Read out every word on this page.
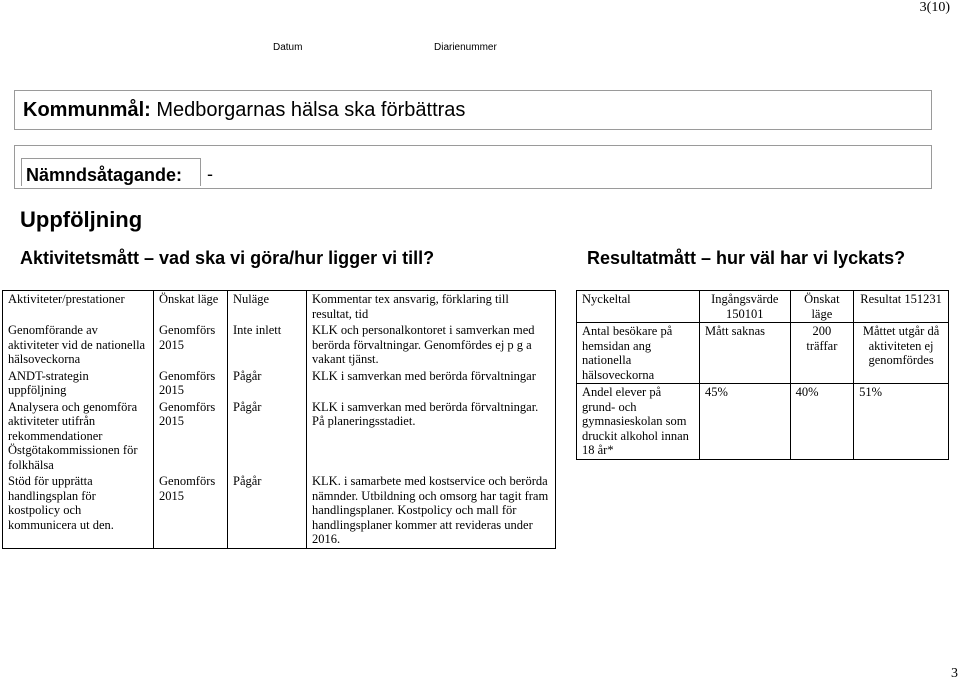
3(10)
Datum	Diarienummer
Kommunmål: Medborgarnas hälsa ska förbättras
Nämndsåtagande:	-
Uppföljning
Aktivitetsmått – vad ska vi göra/hur ligger vi till?	Resultatmått – hur väl har vi lyckats?
Aktiviteter/prestationer	Önskat läge	Nuläge	Kommentar tex ansvarig, förklaring till resultat, tid
Genomförande av aktiviteter vid de nationella hälsoveckorna	Genomförs 2015	Inte inlett	KLK och personalkontoret i samverkan med berörda förvaltningar. Genomfördes ej p g a vakant tjänst.
ANDT-strategin uppföljning	Genomförs 2015	Pågår	KLK i samverkan med berörda förvaltningar
Analysera och genomföra aktiviteter utifrån rekommendationer Östgötakommissionen för folkhälsa	Genomförs 2015	Pågår	KLK i samverkan med berörda förvaltningar. På planeringsstadiet.
Stöd för upprätta handlingsplan för kostpolicy och kommunicera ut den.	Genomförs 2015	Pågår	KLK. i samarbete med kostservice och berörda nämnder. Utbildning och omsorg har tagit fram handlingsplaner. Kostpolicy och mall för handlingsplaner kommer att revideras under 2016.
Nyckeltal	Ingångsvärde 150101	Önskat läge	Resultat 151231
Antal besökare på hemsidan ang nationella hälsoveckorna	Mått saknas	200 träffar	Måttet utgår då aktiviteten ej genomfördes
Andel elever på grund- och gymnasieskolan som druckit alkohol innan 18 år*	45%	40%	51%
3
